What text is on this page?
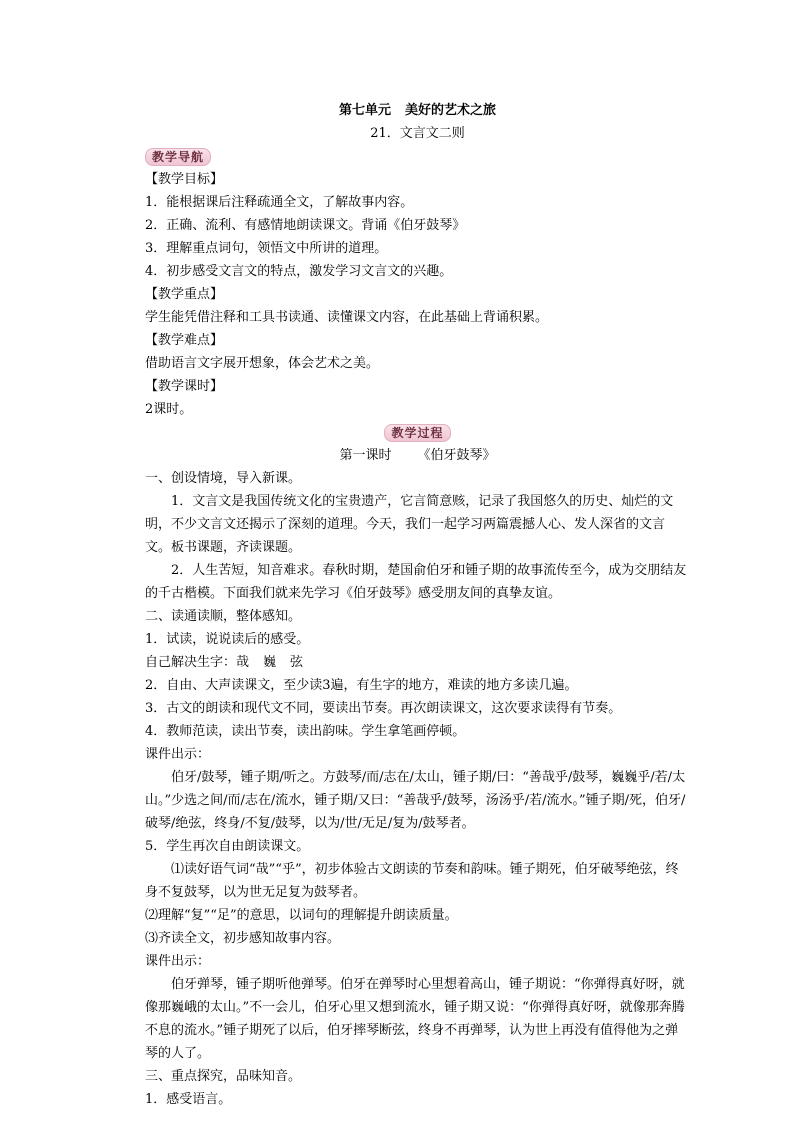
第七单元 美好的艺术之旅
21．文言文二则
教学导航
【教学目标】
1．能根据课后注释疏通全文，了解故事内容。
2．正确、流利、有感情地朗读课文。背诵《伯牙鼓琴》
3．理解重点词句，领悟文中所讲的道理。
4．初步感受文言文的特点，激发学习文言文的兴趣。
【教学重点】
学生能凭借注释和工具书读通、读懂课文内容，在此基础上背诵积累。
【教学难点】
借助语言文字展开想象，体会艺术之美。
【教学课时】
2课时。
教学过程
第一课时 《伯牙鼓琴》
一、创设情境，导入新课。
1．文言文是我国传统文化的宝贵遗产，它言简意赅，记录了我国悠久的历史、灿烂的文明，不少文言文还揭示了深刻的道理。今天，我们一起学习两篇震撼人心、发人深省的文言文。板书课题，齐读课题。
2．人生苦短，知音难求。春秋时期，楚国俞伯牙和锺子期的故事流传至今，成为交朋结友的千古楷模。下面我们就来先学习《伯牙鼓琴》感受朋友间的真挚友谊。
二、读通读顺，整体感知。
1．试读，说说读后的感受。
自己解决生字：哉 巍 弦
2．自由、大声读课文，至少读3遍，有生字的地方，难读的地方多读几遍。
3．古文的朗读和现代文不同，要读出节奏。再次朗读课文，这次要求读得有节奏。
4．教师范读，读出节奏，读出韵味。学生拿笔画停顿。
课件出示：
伯牙/鼓琴，锺子期/听之。方鼓琴/而/志在/太山，锺子期/曰：“善哉乎/鼓琴，巍巍乎/若/太山。”少选之间/而/志在/流水，锺子期/又曰：“善哉乎/鼓琴，汤汤乎/若/流水。”锺子期/死，伯牙/破琴/绝弦，终身/不复/鼓琴，以为/世/无足/复为/鼓琴者。
5．学生再次自由朗读课文。
⑴读好语气词“哉”“乎”，初步体验古文朗读的节奏和韵味。锺子期死，伯牙破琴绝弦，终身不复鼓琴，以为世无足复为鼓琴者。
⑵理解“复”“足”的意思，以词句的理解提升朗读质量。
⑶齐读全文，初步感知故事内容。
课件出示：
伯牙弹琴，锺子期听他弹琴。伯牙在弹琴时心里想着高山，锺子期说：“你弹得真好呀，就像那巍峨的太山。”不一会儿，伯牙心里又想到流水，锺子期又说：“你弹得真好呀，就像那奔腾不息的流水。”锺子期死了以后，伯牙摔琴断弦，终身不再弹琴，认为世上再没有值得他为之弹琴的人了。
三、重点探究，品味知音。
1．感受语言。
